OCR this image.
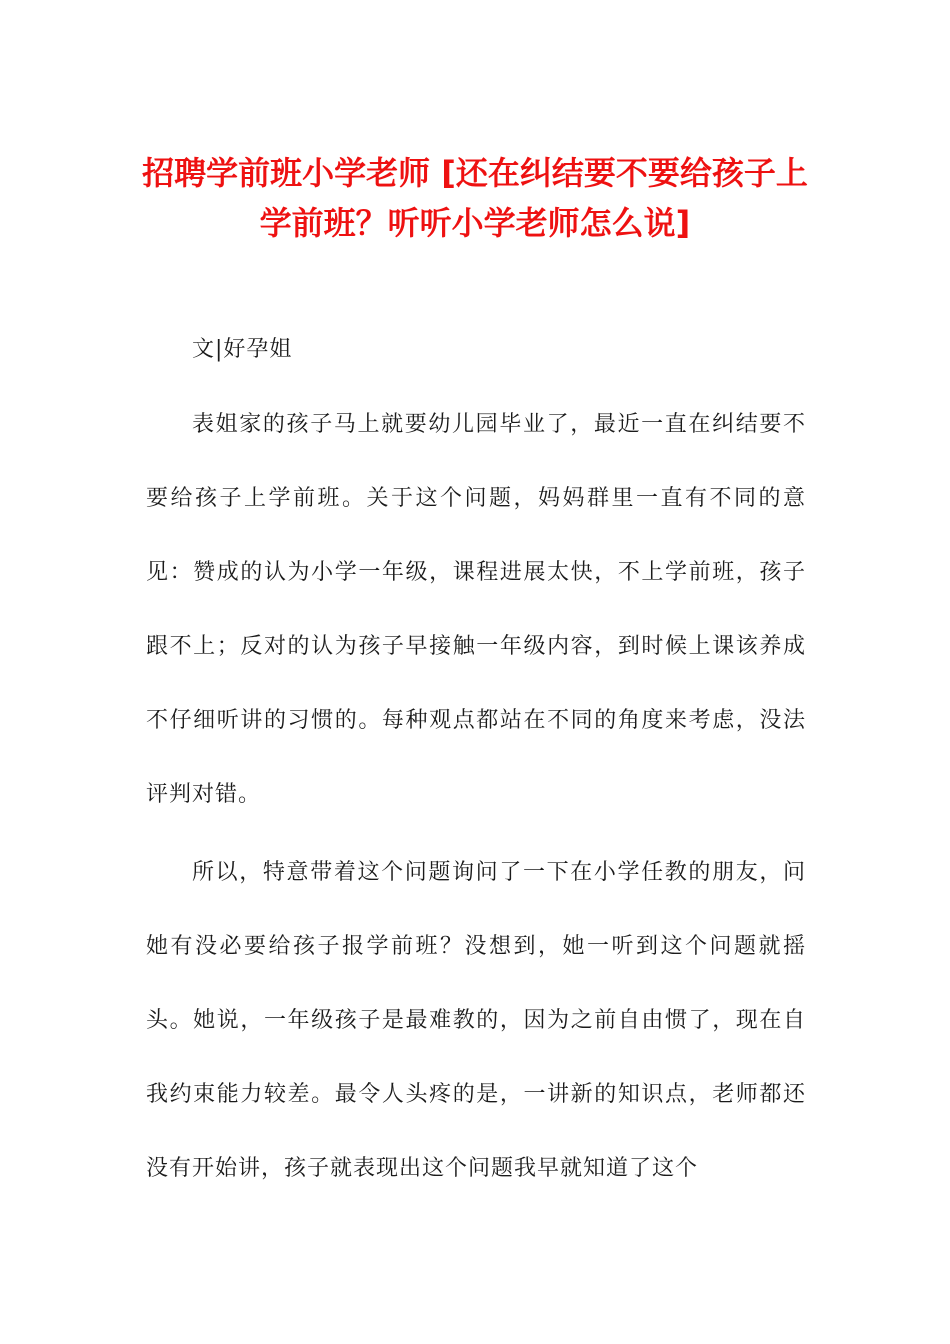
招聘学前班小学老师 [还在纠结要不要给孩子上学前班？听听小学老师怎么说]

文|好孕姐

表姐家的孩子马上就要幼儿园毕业了，最近一直在纠结要不要给孩子上学前班。关于这个问题，妈妈群里一直有不同的意见：赞成的认为小学一年级，课程进展太快，不上学前班，孩子跟不上；反对的认为孩子早接触一年级内容，到时候上课该养成不仔细听讲的习惯的。每种观点都站在不同的角度来考虑，没法评判对错。

所以，特意带着这个问题询问了一下在小学任教的朋友，问她有没必要给孩子报学前班？没想到，她一听到这个问题就摇头。她说，一年级孩子是最难教的，因为之前自由惯了，现在自我约束能力较差。最令人头疼的是，一讲新的知识点，老师都还没有开始讲，孩子就表现出这个问题我早就知道了这个
